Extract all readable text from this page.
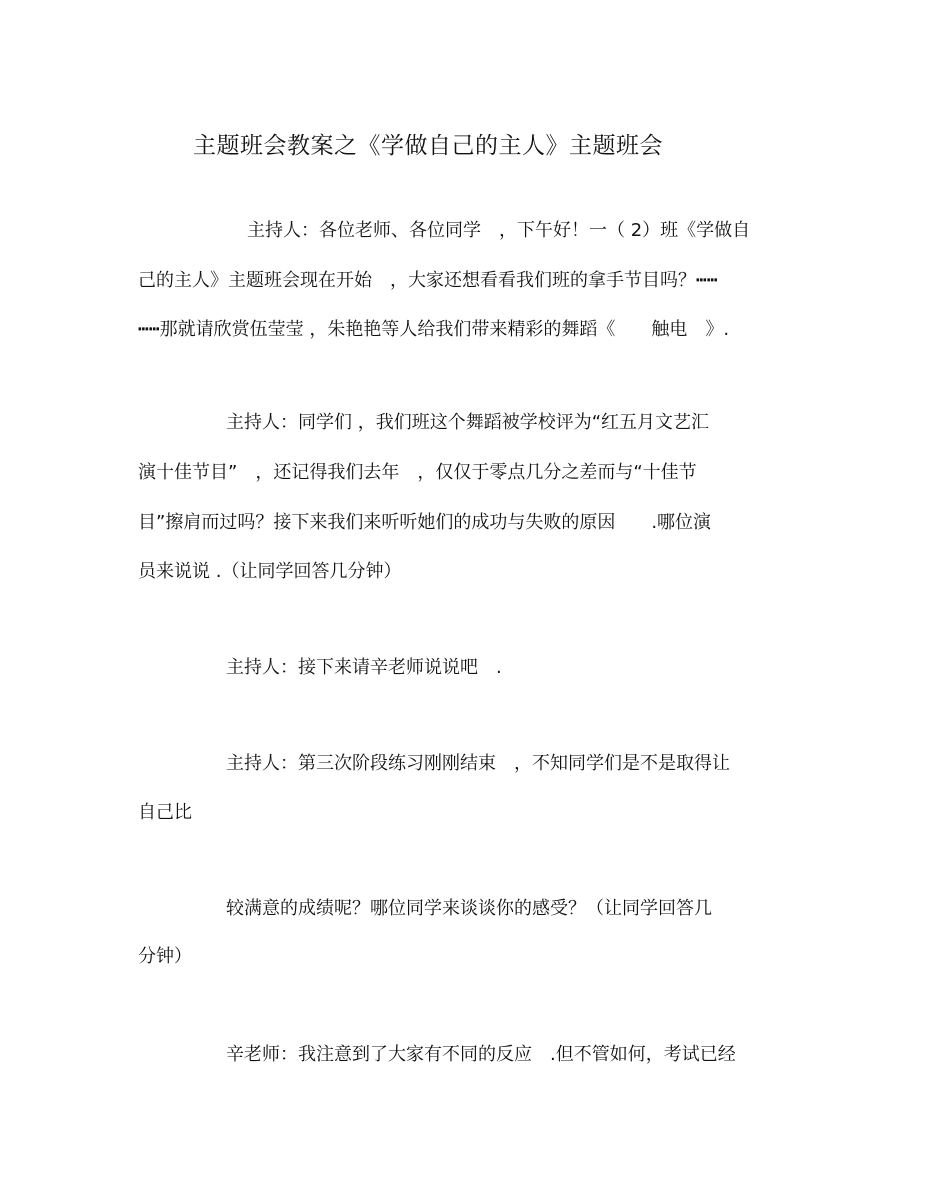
主题班会教案之《学做自己的主人》主题班会
主持人：各位老师、各位同学　，下午好！一（ 2）班《学做自
己的主人》主题班会现在开始　，大家还想看看我们班的拿手节目吗？┅┅
┅┅那就请欣赏伍莹莹 ，朱艳艳等人给我们带来精彩的舞蹈《　　触电　》.
主持人：同学们 ，我们班这个舞蹈被学校评为“红五月文艺汇
演十佳节目”　，还记得我们去年　，仅仅于零点几分之差而与“十佳节
目”擦肩而过吗？接下来我们来听听她们的成功与失败的原因　　.哪位演
员来说说 .（让同学回答几分钟）
主持人：接下来请辛老师说说吧　.
主持人：第三次阶段练习刚刚结束　，不知同学们是不是取得让
自己比
较满意的成绩呢？哪位同学来谈谈你的感受？（让同学回答几
分钟）
辛老师：我注意到了大家有不同的反应　.但不管如何，考试已经
